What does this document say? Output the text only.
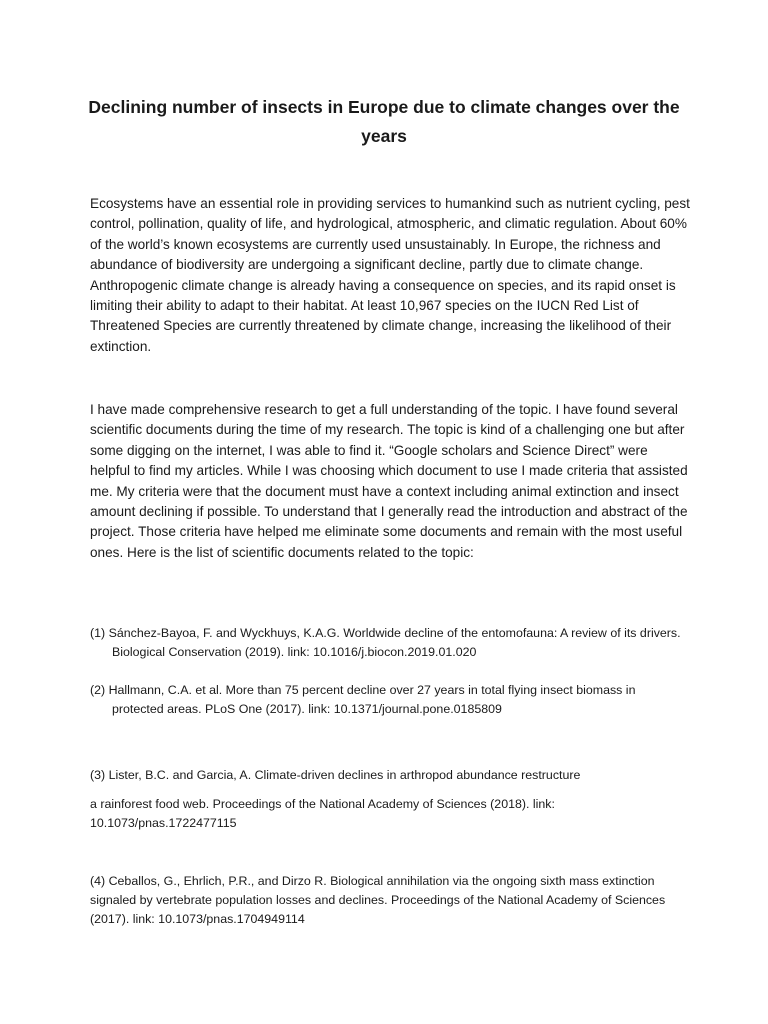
Declining number of insects in Europe due to climate changes over the years

Ecosystems have an essential role in providing services to humankind such as nutrient cycling, pest control, pollination, quality of life, and hydrological, atmospheric, and climatic regulation. About 60% of the world’s known ecosystems are currently used unsustainably. In Europe, the richness and abundance of biodiversity are undergoing a significant decline, partly due to climate change. Anthropogenic climate change is already having a consequence on species, and its rapid onset is limiting their ability to adapt to their habitat. At least 10,967 species on the IUCN Red List of Threatened Species are currently threatened by climate change, increasing the likelihood of their extinction.

I have made comprehensive research to get a full understanding of the topic. I have found several scientific documents during the time of my research. The topic is kind of a challenging one but after some digging on the internet, I was able to find it. “Google scholars and Science Direct” were helpful to find my articles. While I was choosing which document to use I made criteria that assisted me. My criteria were that the document must have a context including animal extinction and insect amount declining if possible. To understand that I generally read the introduction and abstract of the project. Those criteria have helped me eliminate some documents and remain with the most useful ones. Here is the list of scientific documents related to the topic:

(1) Sánchez-Bayoa, F. and Wyckhuys, K.A.G. Worldwide decline of the entomofauna: A review of its drivers. Biological Conservation (2019). link: 10.1016/j.biocon.2019.01.020

(2) Hallmann, C.A. et al. More than 75 percent decline over 27 years in total flying insect biomass in protected areas. PLoS One (2017). link: 10.1371/journal.pone.0185809

(3) Lister, B.C. and Garcia, A. Climate-driven declines in arthropod abundance restructure

a rainforest food web. Proceedings of the National Academy of Sciences (2018). link: 10.1073/pnas.1722477115

(4) Ceballos, G., Ehrlich, P.R., and Dirzo R. Biological annihilation via the ongoing sixth mass extinction signaled by vertebrate population losses and declines. Proceedings of the National Academy of Sciences (2017). link: 10.1073/pnas.1704949114
